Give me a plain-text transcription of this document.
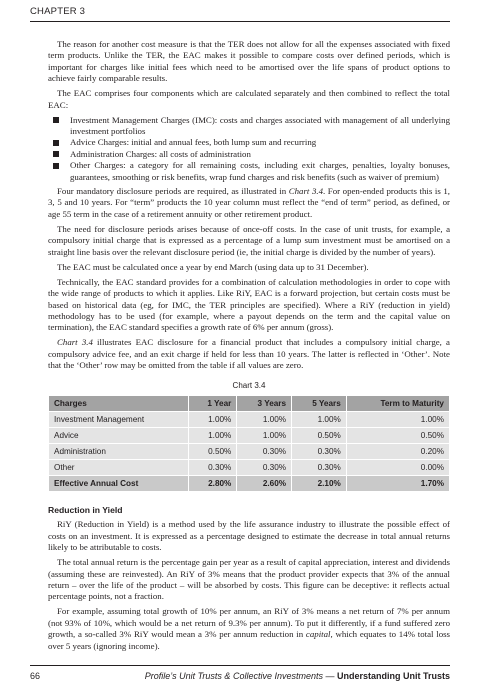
CHAPTER 3

The reason for another cost measure is that the TER does not allow for all the expenses associated with fixed term products. Unlike the TER, the EAC makes it possible to compare costs over defined periods, which is important for charges like initial fees which need to be amortised over the life spans of product options to achieve fairly comparable results.

The EAC comprises four components which are calculated separately and then combined to reflect the total EAC:

Investment Management Charges (IMC): costs and charges associated with management of all underlying investment portfolios
Advice Charges: initial and annual fees, both lump sum and recurring
Administration Charges: all costs of administration
Other Charges: a category for all remaining costs, including exit charges, penalties, loyalty bonuses, guarantees, smoothing or risk benefits, wrap fund charges and risk benefits (such as waiver of premium)

Four mandatory disclosure periods are required, as illustrated in Chart 3.4. For open-ended products this is 1, 3, 5 and 10 years. For “term” products the 10 year column must reflect the “end of term” period, as defined, or age 55 term in the case of a retirement annuity or other retirement product.

The need for disclosure periods arises because of once-off costs. In the case of unit trusts, for example, a compulsory initial charge that is expressed as a percentage of a lump sum investment must be amortised on a straight line basis over the relevant disclosure period (ie, the initial charge is divided by the number of years).

The EAC must be calculated once a year by end March (using data up to 31 December).

Technically, the EAC standard provides for a combination of calculation methodologies in order to cope with the wide range of products to which it applies. Like RiY, EAC is a forward projection, but certain costs must be based on historical data (eg, for IMC, the TER principles are specified). Where a RiY (reduction in yield) methodology has to be used (for example, where a payout depends on the term and the capital value on termination), the EAC standard specifies a growth rate of 6% per annum (gross).

Chart 3.4 illustrates EAC disclosure for a financial product that includes a compulsory initial charge, a compulsory advice fee, and an exit charge if held for less than 10 years. The latter is reflected in ‘Other’. Note that the ‘Other’ row may be omitted from the table if all values are zero.

Chart 3.4
Charges	1 Year	3 Years	5 Years	Term to Maturity
Investment Management	1.00%	1.00%	1.00%	1.00%
Advice	1.00%	1.00%	0.50%	0.50%
Administration	0.50%	0.30%	0.30%	0.20%
Other	0.30%	0.30%	0.30%	0.00%
Effective Annual Cost	2.80%	2.60%	2.10%	1.70%
Reduction in Yield

RiY (Reduction in Yield) is a method used by the life assurance industry to illustrate the possible effect of costs on an investment. It is expressed as a percentage designed to estimate the decrease in total annual returns likely to be attributable to costs.

The total annual return is the percentage gain per year as a result of capital appreciation, interest and dividends (assuming these are reinvested). An RiY of 3% means that the product provider expects that 3% of the annual return – over the life of the product – will be absorbed by costs. This figure can be deceptive: it reflects actual percentage points, not a fraction.

For example, assuming total growth of 10% per annum, an RiY of 3% means a net return of 7% per annum (not 93% of 10%, which would be a net return of 9.3% per annum). To put it differently, if a fund suffered zero growth, a so-called 3% RiY would mean a 3% per annum reduction in capital, which equates to 14% total loss over 5 years (ignoring income).

66	Profile’s Unit Trusts & Collective Investments — Understanding Unit Trusts
